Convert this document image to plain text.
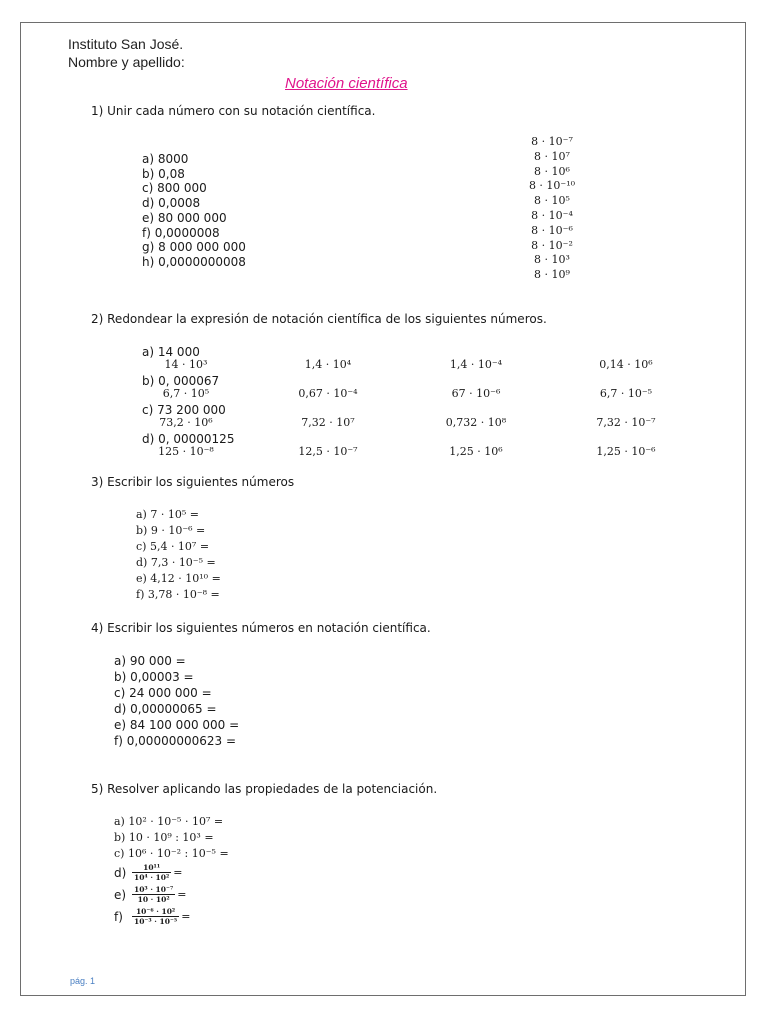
Instituto San José.
Nombre y apellido:
Notación científica
1) Unir cada número con su notación científica.
a) 8000
b) 0,08
c) 800 000
d) 0,0008
e) 80 000 000
f) 0,0000008
g) 8 000 000 000
h) 0,0000000008
8 · 10⁻⁷
8 · 10⁷
8 · 10⁶
8 · 10⁻¹⁰
8 · 10⁵
8 · 10⁻⁴
8 · 10⁻⁶
8 · 10⁻²
8 · 10³
8 · 10⁹
2) Redondear la expresión de notación científica de los siguientes números.
a) 14 000
14 · 10³	1,4 · 10⁴	1,4 · 10⁻⁴	0,14 · 10⁶
b) 0, 000067
6,7 · 10⁵	0,67 · 10⁻⁴	67 · 10⁻⁶	6,7 · 10⁻⁵
c) 73 200 000
73,2 · 10⁶	7,32 · 10⁷	0,732 · 10⁸	7,32 · 10⁻⁷
d) 0, 00000125
125 · 10⁻⁸	12,5 · 10⁻⁷	1,25 · 10⁶	1,25 · 10⁻⁶
3) Escribir los siguientes números
a) 7 · 10⁵ =
b) 9 · 10⁻⁶ =
c) 5,4 · 10⁷ =
d) 7,3 · 10⁻⁵ =
e) 4,12 · 10¹⁰ =
f) 3,78 · 10⁻⁸ =
4) Escribir los siguientes números en notación científica.
a) 90 000 =
b) 0,00003 =
c) 24 000 000 =
d) 0,00000065 =
e) 84 100 000 000 =
f) 0,00000000623 =
5) Resolver aplicando las propiedades de la potenciación.
a) 10² · 10⁻⁵ · 10⁷ =
b) 10 · 10⁹ : 10³ =
c) 10⁶ · 10⁻² : 10⁻⁵ =
$d) \frac{\text{10¹¹}}{\text{10⁴ · 10²}}$ =
$e) \frac{\text{10³ · 10⁻⁷}}{\text{10 · 10²}}$ =
$f) \frac{\text{10⁻⁶ · 10²}}{\text{10⁻³ · 10⁻⁵}}$ =
pág. 1
